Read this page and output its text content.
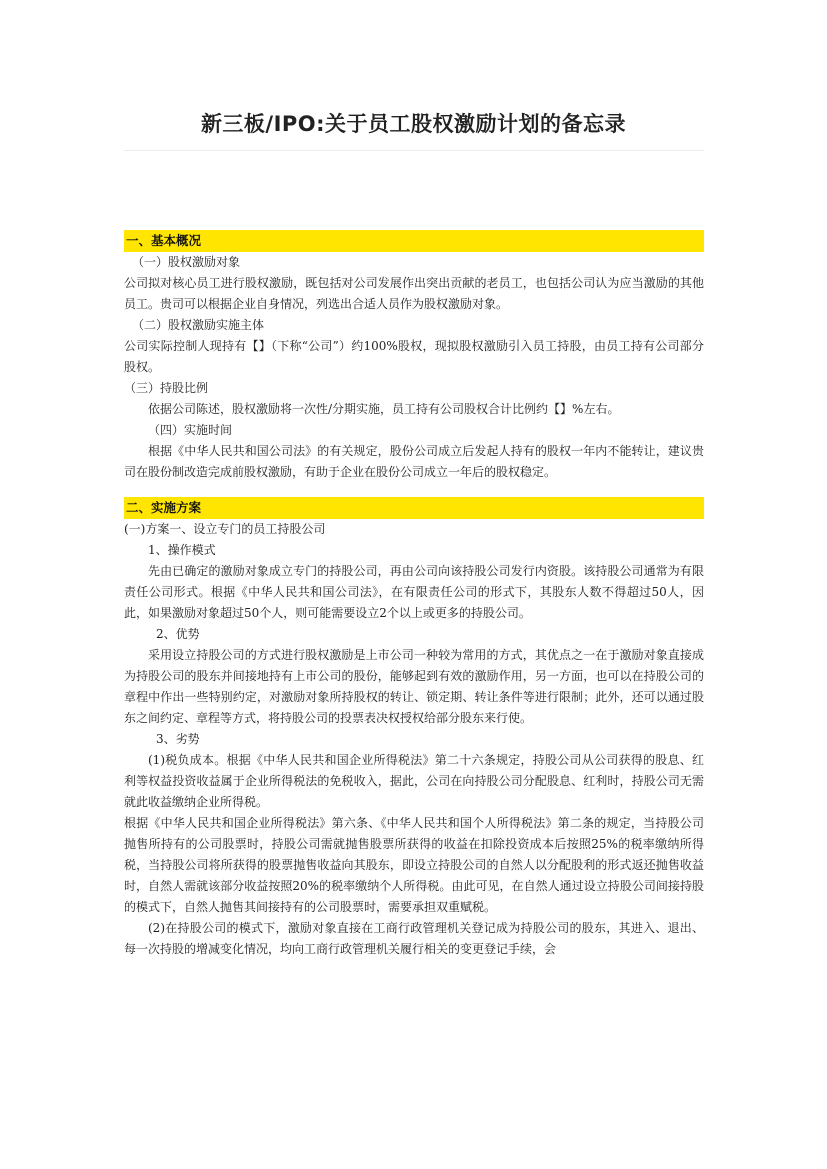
新三板/IPO:关于员工股权激励计划的备忘录
一、基本概况

（一）股权激励对象

公司拟对核心员工进行股权激励，既包括对公司发展作出突出贡献的老员工，也包括公司认为应当激励的其他员工。贵司可以根据企业自身情况，列选出合适人员作为股权激励对象。

（二）股权激励实施主体

公司实际控制人现持有【】（下称“公司”）约100%股权，现拟股权激励引入员工持股，由员工持有公司部分股权。

（三）持股比例

依据公司陈述，股权激励将一次性/分期实施，员工持有公司股权合计比例约【】%左右。

（四）实施时间

根据《中华人民共和国公司法》的有关规定，股份公司成立后发起人持有的股权一年内不能转让，建议贵司在股份制改造完成前股权激励，有助于企业在股份公司成立一年后的股权稳定。

二、实施方案

(一)方案一、设立专门的员工持股公司

1、操作模式

先由已确定的激励对象成立专门的持股公司，再由公司向该持股公司发行内资股。该持股公司通常为有限责任公司形式。根据《中华人民共和国公司法》，在有限责任公司的形式下，其股东人数不得超过50人，因此，如果激励对象超过50个人，则可能需要设立2个以上或更多的持股公司。

2、优势

采用设立持股公司的方式进行股权激励是上市公司一种较为常用的方式，其优点之一在于激励对象直接成为持股公司的股东并间接地持有上市公司的股份，能够起到有效的激励作用，另一方面，也可以在持股公司的章程中作出一些特别约定，对激励对象所持股权的转让、锁定期、转让条件等进行限制；此外，还可以通过股东之间约定、章程等方式，将持股公司的投票表决权授权给部分股东来行使。

3、劣势

(1)税负成本。根据《中华人民共和国企业所得税法》第二十六条规定，持股公司从公司获得的股息、红利等权益投资收益属于企业所得税法的免税收入，据此，公司在向持股公司分配股息、红利时，持股公司无需就此收益缴纳企业所得税。

根据《中华人民共和国企业所得税法》第六条、《中华人民共和国个人所得税法》第二条的规定，当持股公司抛售所持有的公司股票时，持股公司需就抛售股票所获得的收益在扣除投资成本后按照25%的税率缴纳所得税，当持股公司将所获得的股票抛售收益向其股东，即设立持股公司的自然人以分配股利的形式返还抛售收益时，自然人需就该部分收益按照20%的税率缴纳个人所得税。由此可见，在自然人通过设立持股公司间接持股的模式下，自然人抛售其间接持有的公司股票时，需要承担双重赋税。

(2)在持股公司的模式下，激励对象直接在工商行政管理机关登记成为持股公司的股东，其进入、退出、每一次持股的增减变化情况，均向工商行政管理机关履行相关的变更登记手续，会
